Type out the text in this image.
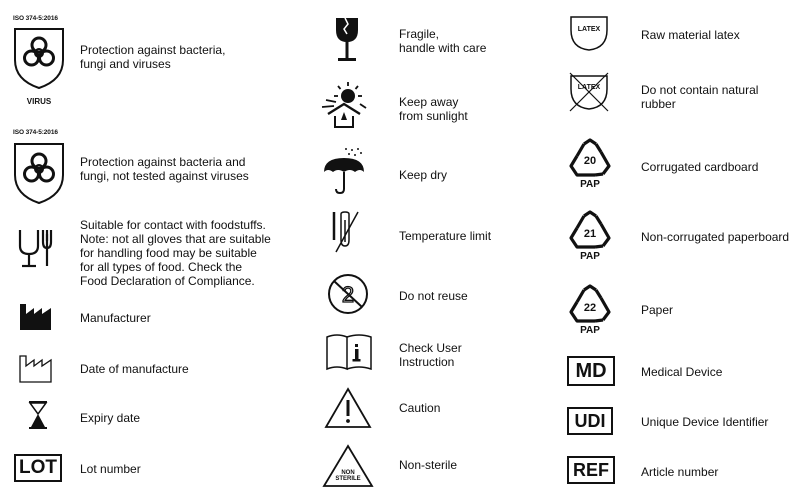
ISO 374-5:2016
VIRUS
Protection against bacteria,
fungi and viruses
ISO 374-5:2016
Protection against bacteria and
fungi, not tested against viruses
Suitable for contact with foodstuffs.
Note: not all gloves that are suitable
for handling food may be suitable
for all types of food. Check the
Food Declaration of Compliance.
Manufacturer
Date of manufacture
Expiry date
LOT	Lot number
Fragile,
handle with care
Keep away
from sunlight
Keep dry
Temperature limit
2	Do not reuse
Check User
Instruction
Caution
NON
STERILE
Non-sterile
LATEX	Raw material latex
LATEX	Do not contain natural
rubber
20
PAP
Corrugated cardboard
21
PAP
Non-corrugated paperboard
22
PAP
Paper
MD	Medical Device
UDI	Unique Device Identifier
REF	Article number
